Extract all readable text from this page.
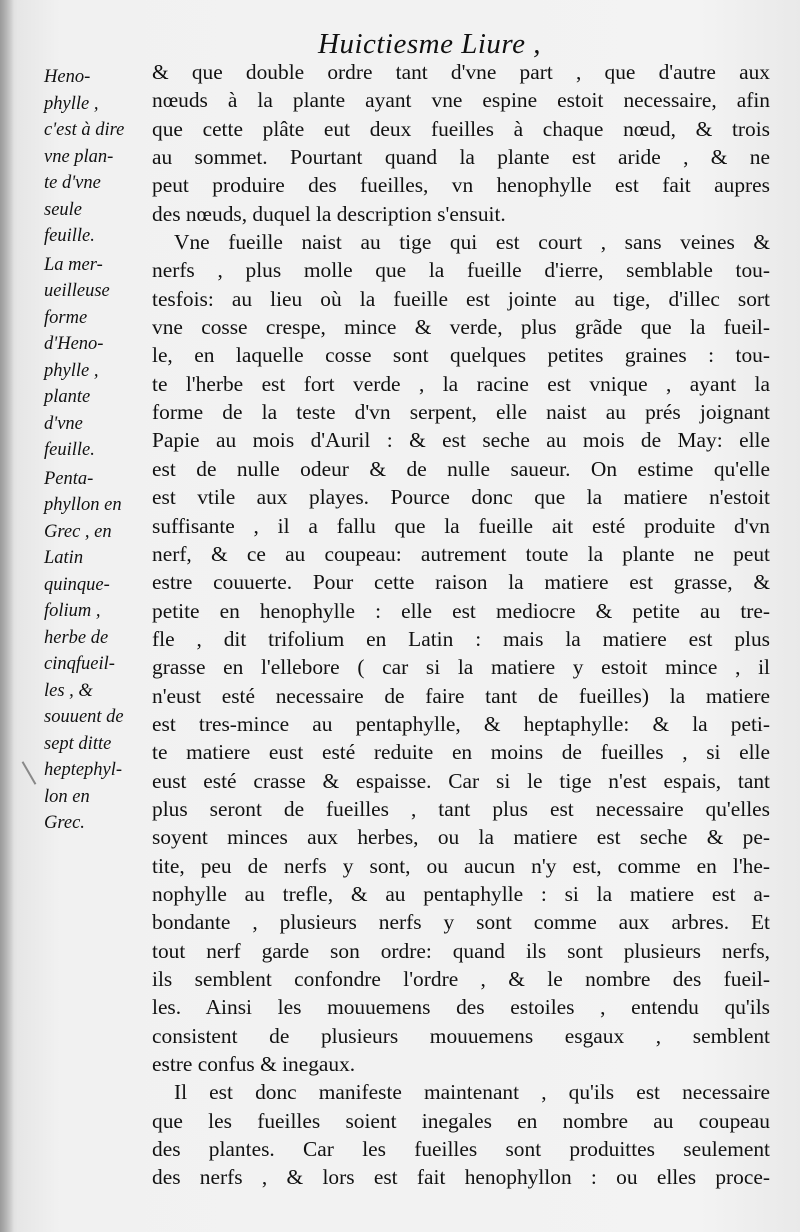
Huictiesme Liure ,
Heno-
phylle ,
c'est à dire
vne plan-
te d'vne
seule
feuille.
La mer-
ueilleuse
forme
d'Heno-
phylle ,
plante
d'vne
feuille.
Penta-
phyllon en
Grec , en
Latin
quinque-
folium ,
herbe de
cinqfueil-
les , &
souuent de
sept ditte
heptephyl-
lon en
Grec.
& que double ordre tant d'vne part , que d'autre aux
nœuds à la plante ayant vne espine estoit necessaire, afin
que cette plâte eut deux fueilles à chaque nœud, & trois
au sommet. Pourtant quand la plante est aride , & ne
peut produire des fueilles, vn henophylle est fait aupres
des nœuds, duquel la description s'ensuit.
Vne fueille naist au tige qui est court , sans veines &
nerfs , plus molle que la fueille d'ierre, semblable tou-
tesfois: au lieu où la fueille est jointe au tige, d'illec sort
vne cosse crespe, mince & verde, plus grãde que la fueil-
le, en laquelle cosse sont quelques petites graines : tou-
te l'herbe est fort verde , la racine est vnique , ayant la
forme de la teste d'vn serpent, elle naist au prés joignant
Papie au mois d'Auril : & est seche au mois de May: elle
est de nulle odeur & de nulle saueur. On estime qu'elle
est vtile aux playes. Pource donc que la matiere n'estoit
suffisante , il a fallu que la fueille ait esté produite d'vn
nerf, & ce au coupeau: autrement toute la plante ne peut
estre couuerte. Pour cette raison la matiere est grasse, &
petite en henophylle : elle est mediocre & petite au tre-
fle , dit trifolium en Latin : mais la matiere est plus
grasse en l'ellebore ( car si la matiere y estoit mince , il
n'eust esté necessaire de faire tant de fueilles) la matiere
est tres-mince au pentaphylle, & heptaphylle: & la peti-
te matiere eust esté reduite en moins de fueilles , si elle
eust esté crasse & espaisse. Car si le tige n'est espais, tant
plus seront de fueilles , tant plus est necessaire qu'elles
soyent minces aux herbes, ou la matiere est seche & pe-
tite, peu de nerfs y sont, ou aucun n'y est, comme en l'he-
nophylle au trefle, & au pentaphylle : si la matiere est a-
bondante , plusieurs nerfs y sont comme aux arbres. Et
tout nerf garde son ordre: quand ils sont plusieurs nerfs,
ils semblent confondre l'ordre , & le nombre des fueil-
les. Ainsi les mouuemens des estoiles , entendu qu'ils
consistent de plusieurs mouuemens esgaux , semblent
estre confus & inegaux.
Il est donc manifeste maintenant , qu'ils est necessaire
que les fueilles soient inegales en nombre au coupeau
des plantes. Car les fueilles sont produittes seulement
des nerfs , & lors est fait henophyllon : ou elles proce-
